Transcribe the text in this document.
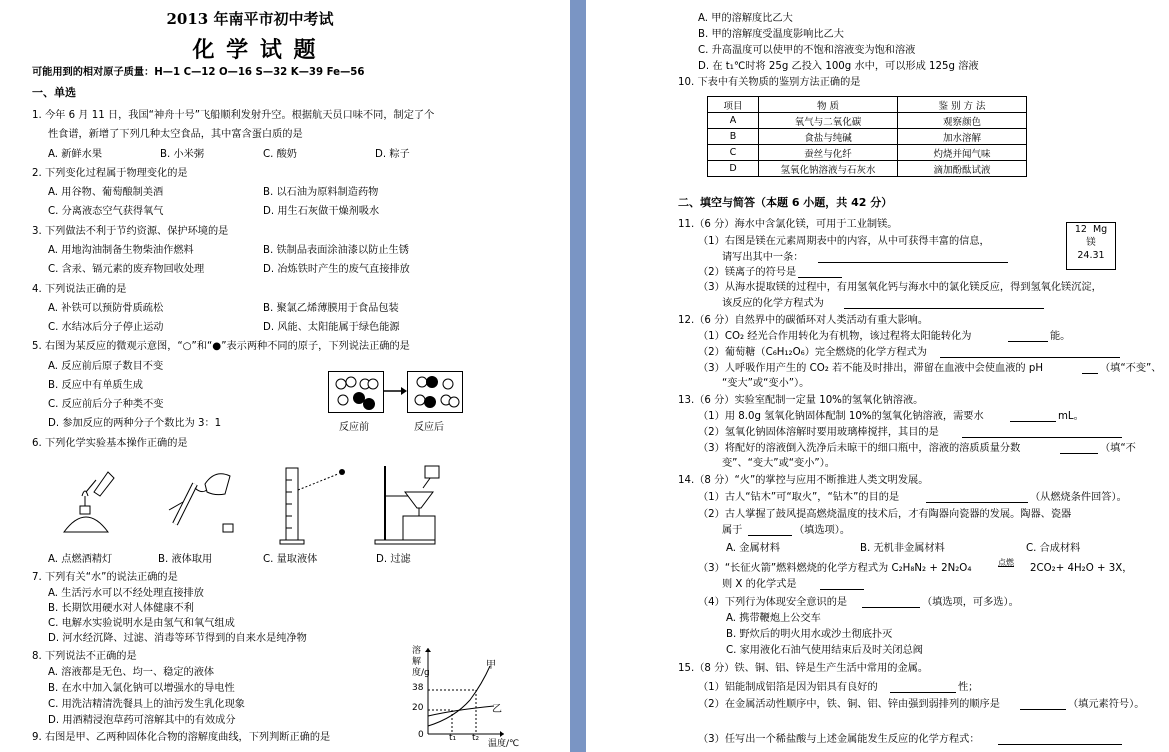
2013 年南平市初中考试
化 学 试 题
可能用到的相对原子质量：H—1 C—12 O—16 S—32 K—39 Fe—56
一、单选
1. 今年 6 月 11 日，我国“神舟十号”飞船顺利发射升空。根据航天员口味不同，制定了个
性食谱，新增了下列几种太空食品，其中富含蛋白质的是
A. 新鲜水果	B. 小米粥	C. 酸奶	D. 粽子
2. 下列变化过程属于物理变化的是
A. 用谷物、葡萄酿制美酒	B. 以石油为原料制造药物
C. 分离液态空气获得氧气	D. 用生石灰做干燥剂吸水
3. 下列做法不利于节约资源、保护环境的是
A. 用地沟油制备生物柴油作燃料	B. 铁制品表面涂油漆以防止生锈
C. 含汞、镉元素的废弃物回收处理	D. 冶炼铁时产生的废气直接排放
4. 下列说法正确的是
A. 补铁可以预防骨质疏松	B. 聚氯乙烯薄膜用于食品包装
C. 水结冰后分子停止运动	D. 风能、太阳能属于绿色能源
5. 右图为某反应的微观示意图，“○”和“●”表示两种不同的原子，下列说法正确的是
A. 反应前后原子数目不变
B. 反应中有单质生成
C. 反应前后分子种类不变
D. 参加反应的两种分子个数比为 3：1	反应前	反应后
6. 下列化学实验基本操作正确的是
A. 点燃酒精灯	B. 液体取用	C. 量取液体	D. 过滤
7. 下列有关“水”的说法正确的是
A. 生活污水可以不经处理直接排放
B. 长期饮用硬水对人体健康不利
C. 电解水实验说明水是由氢气和氧气组成
D. 河水经沉降、过滤、消毒等环节得到的自来水是纯净物
8. 下列说法不正确的是
A. 溶液都是无色、均一、稳定的液体
B. 在水中加入氯化钠可以增强水的导电性
C. 用洗洁精清洗餐具上的油污发生乳化现象
D. 用酒精浸泡草药可溶解其中的有效成分
9. 右图是甲、乙两种固体化合物的溶解度曲线，下列判断正确的是
溶解度/g
38
20
0	t₁ t₂
温度/℃
甲
乙
A. 甲的溶解度比乙大
B. 甲的溶解度受温度影响比乙大
C. 升高温度可以使甲的不饱和溶液变为饱和溶液
D. 在 t₁℃时将 25g 乙投入 100g 水中，可以形成 125g 溶液
10. 下表中有关物质的鉴别方法正确的是
项目	物 质	鉴 别 方 法
A	氧气与二氧化碳	观察颜色
B	食盐与纯碱	加水溶解
C	蚕丝与化纤	灼烧并闻气味
D	氢氧化钠溶液与石灰水	滴加酚酞试液
二、填空与简答（本题 6 小题，共 42 分）
11.（6 分）海水中含氯化镁，可用于工业制镁。
（1）右图是镁在元素周期表中的内容，从中可获得丰富的信息，
请写出其中一条：
12 Mg
镁
24.31
（2）镁离子的符号是
（3）从海水提取镁的过程中，有用氢氧化钙与海水中的氯化镁反应，得到氢氧化镁沉淀，
该反应的化学方程式为
12.（6 分）自然界中的碳循环对人类活动有重大影响。
（1）CO₂ 经光合作用转化为有机物，该过程将太阳能转化为	能。
（2）葡萄糖（C₆H₁₂O₆）完全燃烧的化学方程式为
（3）人呼吸作用产生的 CO₂ 若不能及时排出，滞留在血液中会使血液的 pH	（填“不变”、
“变大”或“变小”）。
13.（6 分）实验室配制一定量 10%的氢氧化钠溶液。
（1）用 8.0g 氢氧化钠固体配制 10%的氢氧化钠溶液，需要水	mL。
（2）氢氧化钠固体溶解时要用玻璃棒搅拌，其目的是
（3）将配好的溶液倒入洗净后未晾干的细口瓶中，溶液的溶质质量分数	（填“不
变”、“变大”或“变小”）。
14.（8 分）“火”的掌控与应用不断推进人类文明发展。
（1）古人“钻木”可“取火”，“钻木”的目的是	（从燃烧条件回答）。
（2）古人掌握了鼓风提高燃烧温度的技术后，才有陶器向瓷器的发展。陶器、瓷器
属于	（填选项）。
A. 金属材料	B. 无机非金属材料	C. 合成材料
（3）“长征火箭”燃料燃烧的化学方程式为 C₂H₈N₂ + 2N₂O₄
点燃
2CO₂+ 4H₂O + 3X，
则 X 的化学式是
（4）下列行为体现安全意识的是	（填选项，可多选）。
A. 携带鞭炮上公交车
B. 野炊后的明火用水或沙土彻底扑灭
C. 家用液化石油气使用结束后及时关闭总阀
15.（8 分）铁、铜、铝、锌是生产生活中常用的金属。
（1）铝能制成铝箔是因为铝具有良好的	性；
（2）在金属活动性顺序中，铁、铜、铝、锌由强到弱排列的顺序是	（填元素符号）。
（3）任写出一个稀盐酸与上述金属能发生反应的化学方程式：
